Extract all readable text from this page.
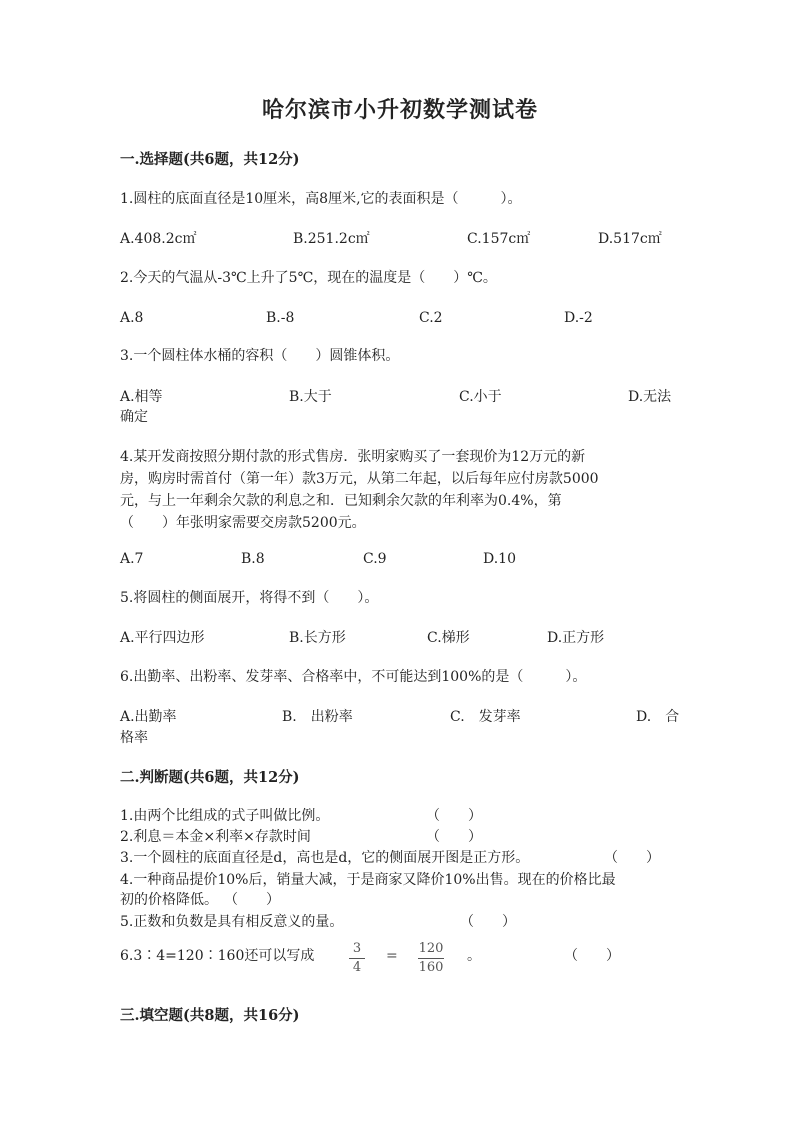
哈尔滨市小升初数学测试卷
一.选择题(共6题，共12分)
1.圆柱的底面直径是10厘米，高8厘米,它的表面积是（　　　）。
A.408.2c㎡	B.251.2c㎡	C.157c㎡	D.517c㎡
2.今天的气温从-3℃上升了5℃，现在的温度是（　　）℃。
A.8	B.-8	C.2	D.-2
3.一个圆柱体水桶的容积（　　）圆锥体积。
A.相等	B.大于	C.小于	D.无法
确定
4.某开发商按照分期付款的形式售房．张明家购买了一套现价为12万元的新
房，购房时需首付（第一年）款3万元，从第二年起，以后每年应付房款5000
元，与上一年剩余欠款的利息之和．已知剩余欠款的年利率为0.4%，第
（　　）年张明家需要交房款5200元。
A.7	B.8	C.9	D.10
5.将圆柱的侧面展开，将得不到（　　）。
A.平行四边形	B.长方形	C.梯形	D.正方形
6.出勤率、出粉率、发芽率、合格率中，不可能达到100%的是（　　　）。
A.出勤率	B.　出粉率	C.　发芽率	D.　合
格率
二.判断题(共6题，共12分)
1.由两个比组成的式子叫做比例。	（　　）
2.利息＝本金×利率×存款时间	（　　）
3.一个圆柱的底面直径是d，高也是d，它的侧面展开图是正方形。	（　　）
4.一种商品提价10%后，销量大减，于是商家又降价10%出售。现在的价格比最
初的价格降低。 （　　）
5.正数和负数是具有相反意义的量。	（　　）
6.3∶4=120∶160还可以写成	3
4
= 120
160
。	（　　）
三.填空题(共8题，共16分)
